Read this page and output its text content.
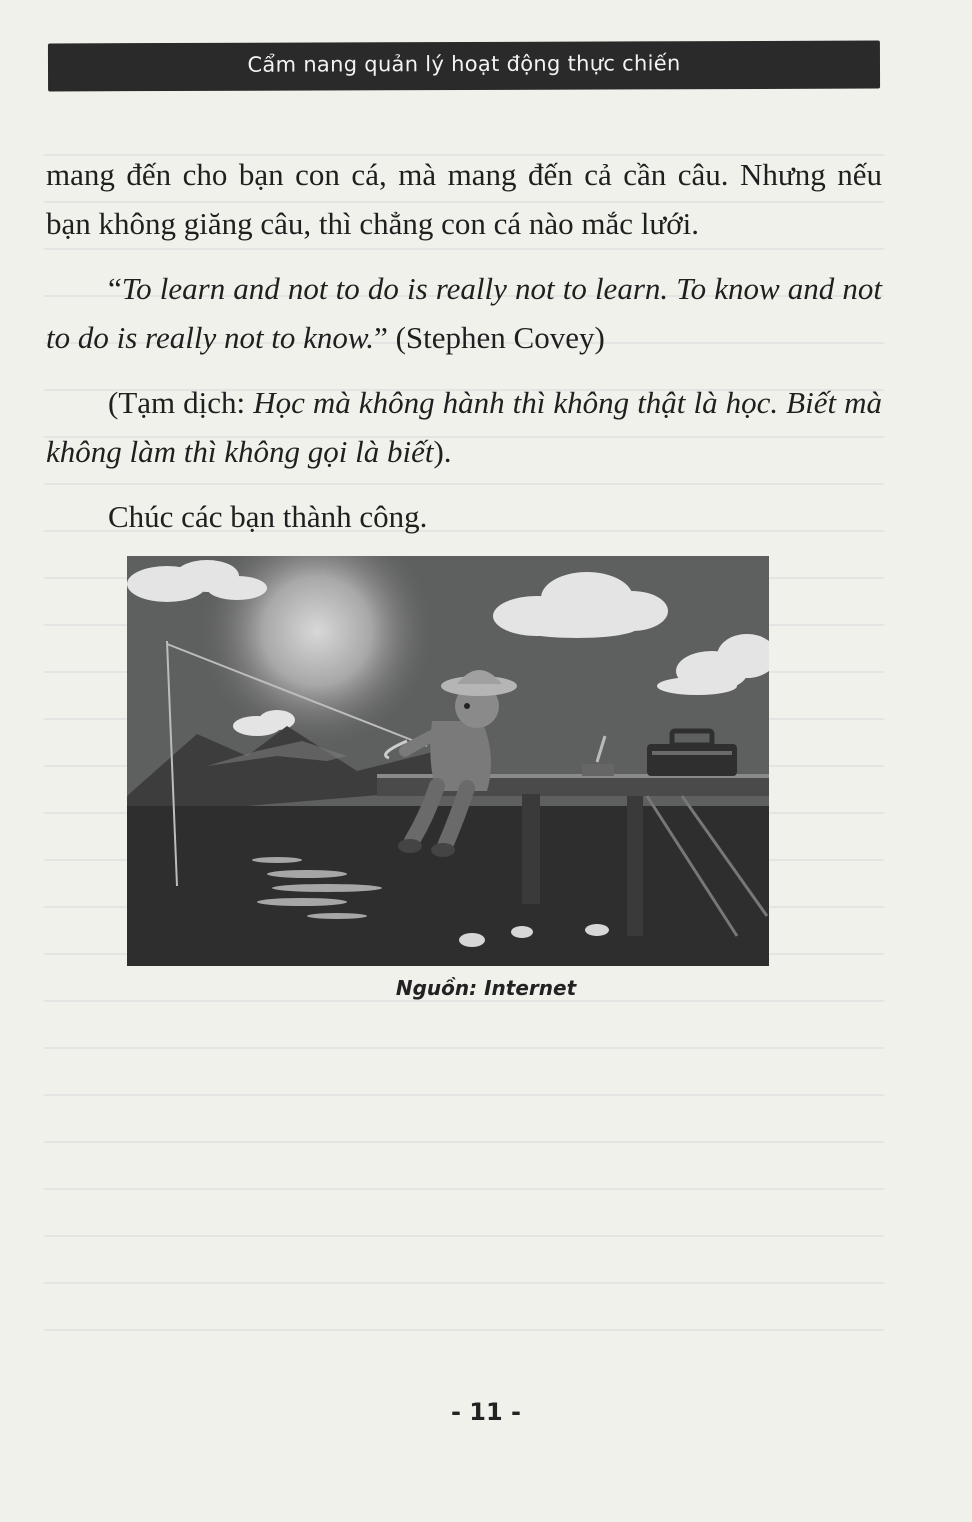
Cẩm nang quản lý hoạt động thực chiến

mang đến cho bạn con cá, mà mang đến cả cần câu. Nhưng nếu bạn không giăng câu, thì chẳng con cá nào mắc lưới.

“To learn and not to do is really not to learn. To know and not to do is really not to know.” (Stephen Covey)

(Tạm dịch: Học mà không hành thì không thật là học. Biết mà không làm thì không gọi là biết).

Chúc các bạn thành công.

Nguồn: Internet
- 11 -
